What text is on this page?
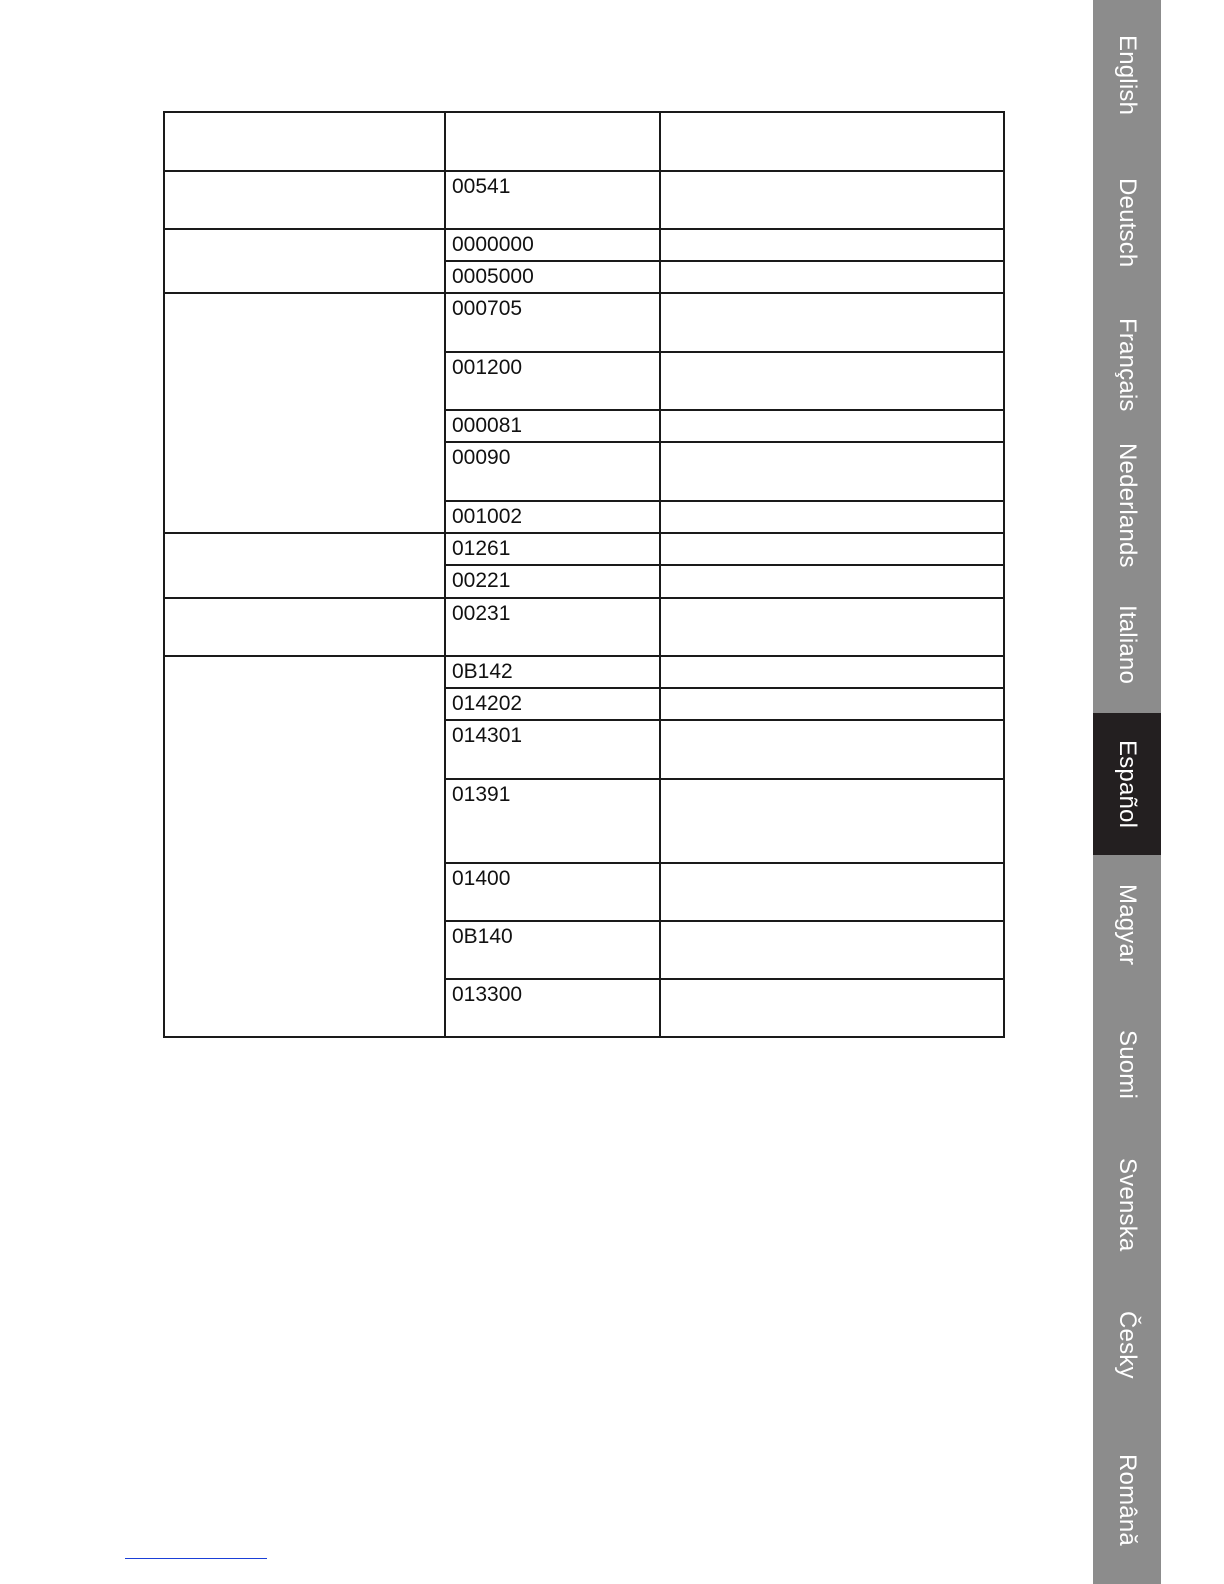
	00541	
	0000000	
	0005000	
	000705	
	001200	
	000081	
	00090	
	001002	
	01261	
	00221	
	00231	
	0B142	
	014202	
	014301	
	01391	
	01400	
	0B140	
	013300	
English
Deutsch
Français
Nederlands
Italiano
Español
Magyar
Suomi
Svenska
Česky
Română
